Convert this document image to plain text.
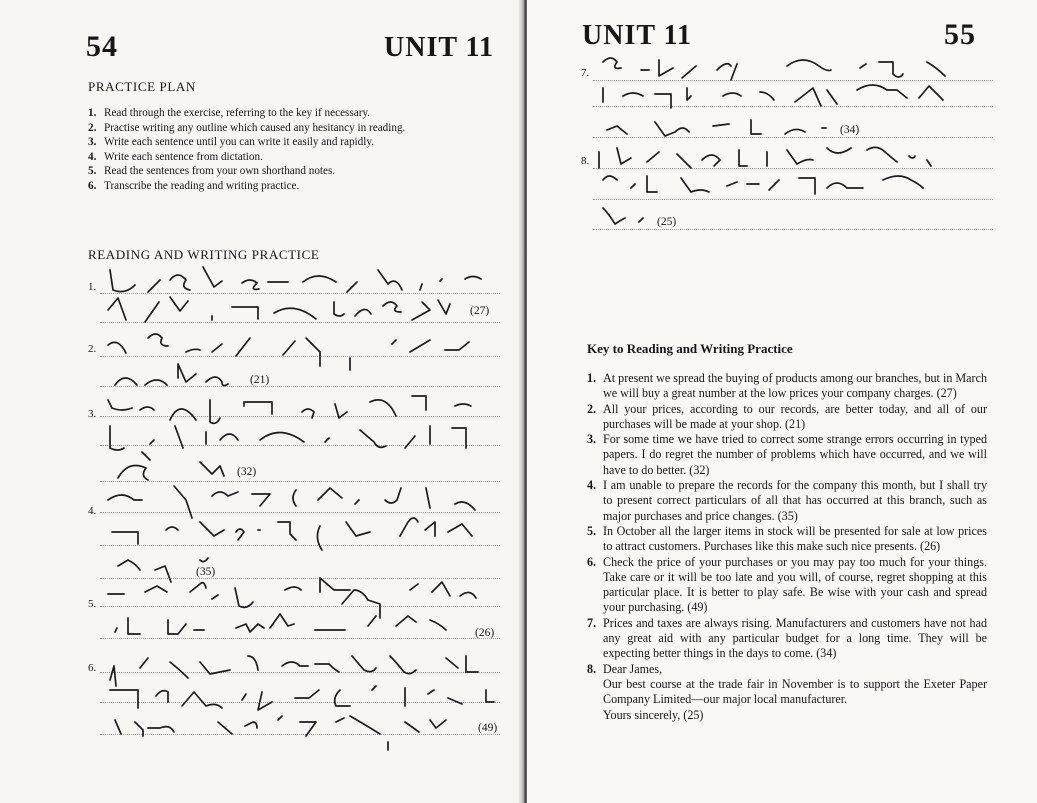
54	UNIT 11
PRACTICE PLAN
1. Read through the exercise, referring to the key if necessary.
2. Practise writing any outline which caused any hesitancy in reading.
3. Write each sentence until you can write it easily and rapidly.
4. Write each sentence from dictation.
5. Read the sentences from your own shorthand notes.
6. Transcribe the reading and writing practice.
READING AND WRITING PRACTICE
1.
2.
3.
4.
5.
6.
(27)
(21)
(32)
(35)
(26)
(49)
UNIT 11	55
7.
8.
(34)
(25)
Key to Reading and Writing Practice
1. At present we spread the buying of products among our branches, but in March we will buy a great number at the low prices your company charges. (27)
2. All your prices, according to our records, are better today, and all of our purchases will be made at your shop. (21)
3. For some time we have tried to correct some strange errors occurring in typed papers. I do regret the number of problems which have occurred, and we will have to do better. (32)
4. I am unable to prepare the records for the company this month, but I shall try to present correct particulars of all that has occurred at this branch, such as major purchases and price changes. (35)
5. In October all the larger items in stock will be presented for sale at low prices to attract customers. Purchases like this make such nice presents. (26)
6. Check the price of your purchases or you may pay too much for your things. Take care or it will be too late and you will, of course, regret shopping at this particular place. It is better to play safe. Be wise with your cash and spread your purchasing. (49)
7. Prices and taxes are always rising. Manufacturers and customers have not had any great aid with any particular budget for a long time. They will be expecting better things in the days to come. (34)
8. Dear James,
Our best course at the trade fair in November is to support the Exeter Paper Company Limited—our major local manufacturer.
Yours sincerely, (25)
